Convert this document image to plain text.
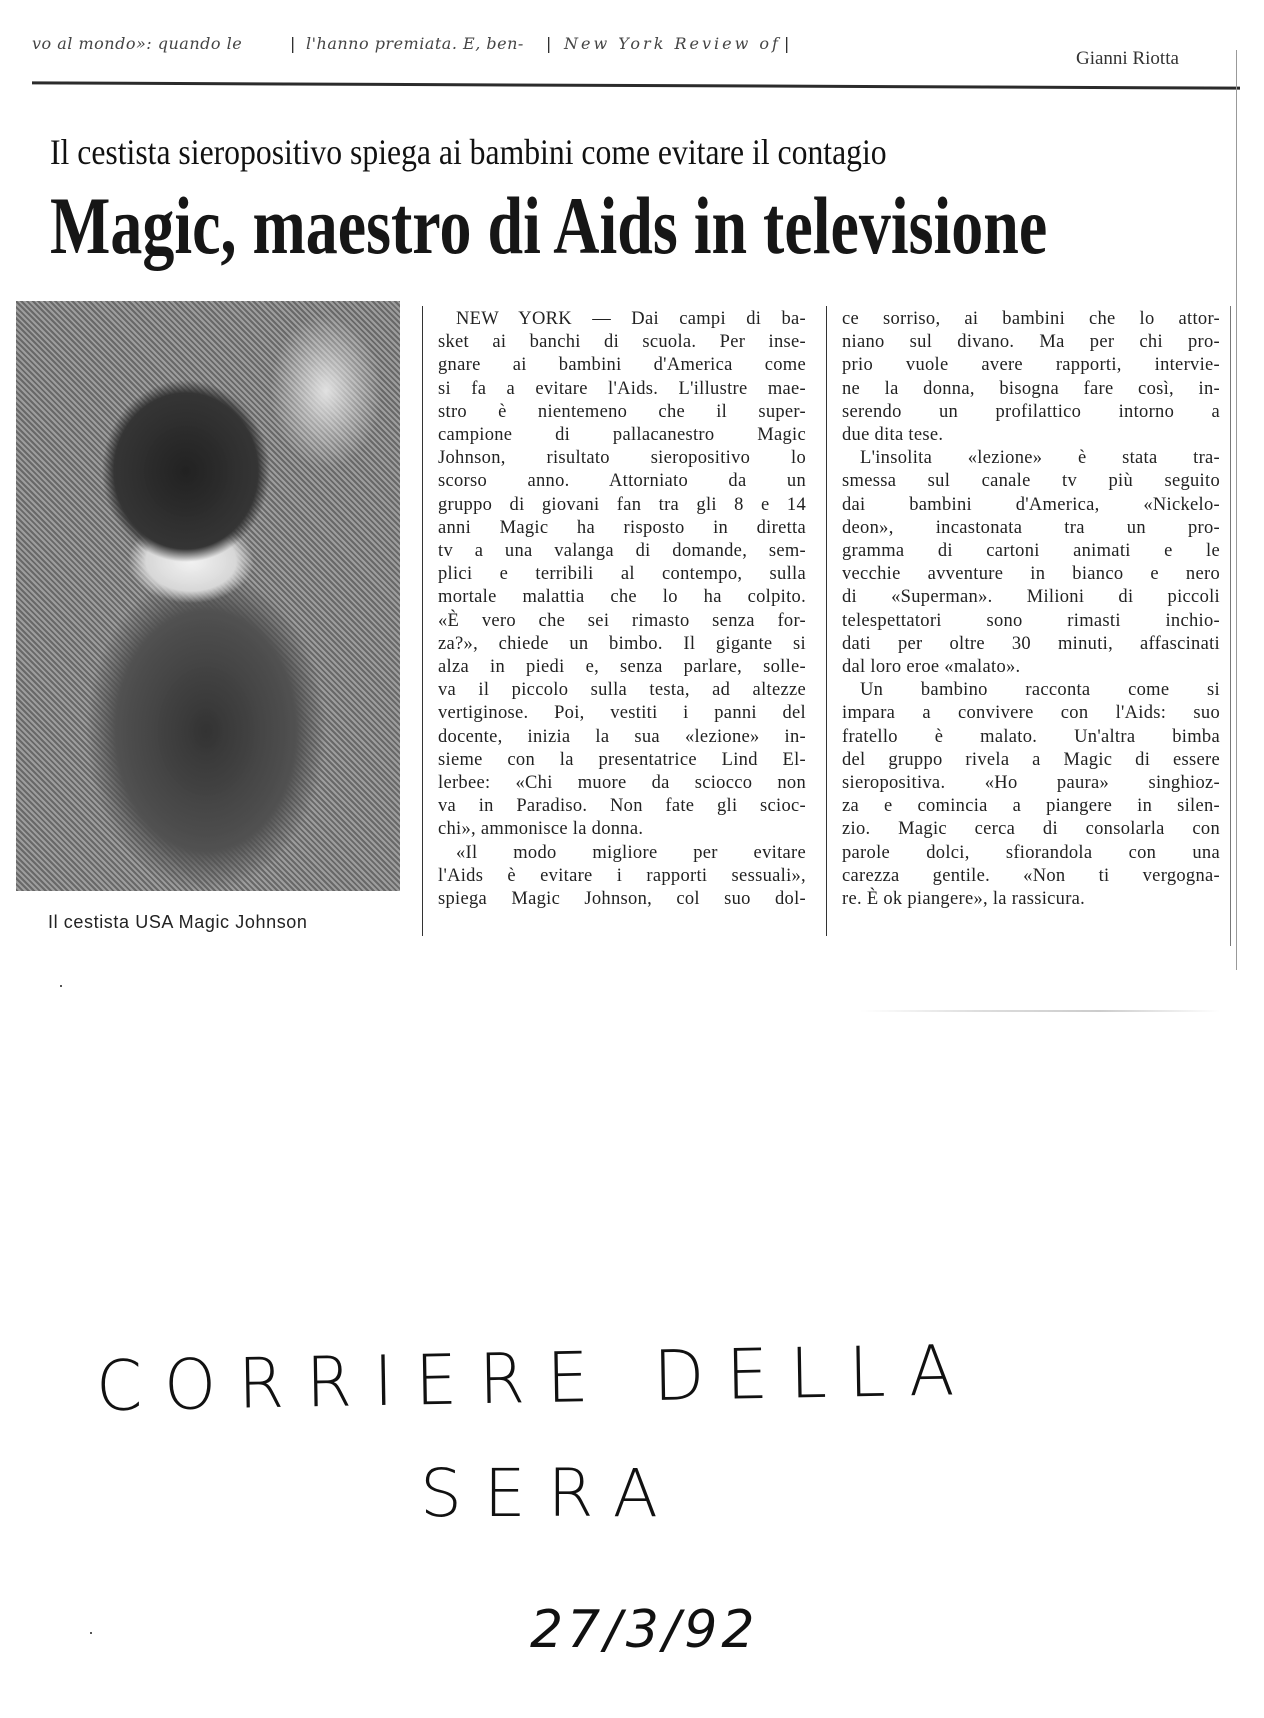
vo al mondo»: quando le	| l'hanno premiata. E, ben- | New York Review of |
Gianni Riotta
Il cestista sieropositivo spiega ai bambini come evitare il contagio
Magic, maestro di Aids in televisione
Il cestista USA Magic Johnson
NEW YORK — Dai campi di ba-
sket ai banchi di scuola. Per inse-
gnare ai bambini d'America come
si fa a evitare l'Aids. L'illustre mae-
stro è nientemeno che il super-
campione di pallacanestro Magic
Johnson, risultato sieropositivo lo
scorso anno. Attorniato da un
gruppo di giovani fan tra gli 8 e 14
anni Magic ha risposto in diretta
tv a una valanga di domande, sem-
plici e terribili al contempo, sulla
mortale malattia che lo ha colpito.
«È vero che sei rimasto senza for-
za?», chiede un bimbo. Il gigante si
alza in piedi e, senza parlare, solle-
va il piccolo sulla testa, ad altezze
vertiginose. Poi, vestiti i panni del
docente, inizia la sua «lezione» in-
sieme con la presentatrice Lind El-
lerbee: «Chi muore da sciocco non
va in Paradiso. Non fate gli scioc-
chi», ammonisce la donna.
«Il modo migliore per evitare
l'Aids è evitare i rapporti sessuali»,
spiega Magic Johnson, col suo dol-
ce sorriso, ai bambini che lo attor-
niano sul divano. Ma per chi pro-
prio vuole avere rapporti, intervie-
ne la donna, bisogna fare così, in-
serendo un profilattico intorno a
due dita tese.
L'insolita «lezione» è stata tra-
smessa sul canale tv più seguito
dai bambini d'America, «Nickelo-
deon», incastonata tra un pro-
gramma di cartoni animati e le
vecchie avventure in bianco e nero
di «Superman». Milioni di piccoli
telespettatori sono rimasti inchio-
dati per oltre 30 minuti, affascinati
dal loro eroe «malato».
Un bambino racconta come si
impara a convivere con l'Aids: suo
fratello è malato. Un'altra bimba
del gruppo rivela a Magic di essere
sieropositiva. «Ho paura» singhioz-
za e comincia a piangere in silen-
zio. Magic cerca di consolarla con
parole dolci, sfiorandola con una
carezza gentile. «Non ti vergogna-
re. È ok piangere», la rassicura.
CORRIERE DELLA
SERA
27/3/92
